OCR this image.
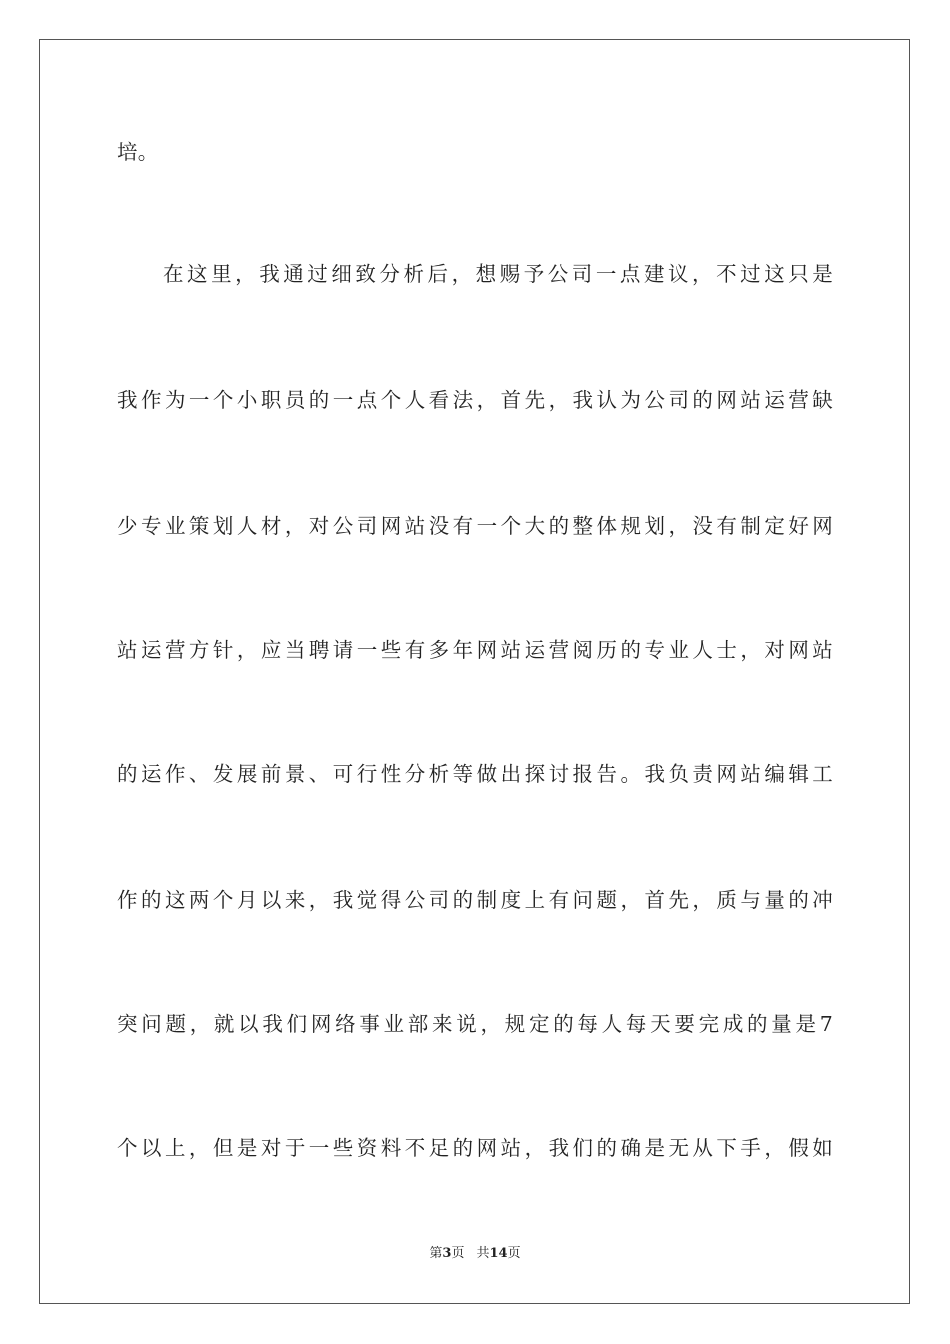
培。
在这里，我通过细致分析后，想赐予公司一点建议，不过这只是
我作为一个小职员的一点个人看法，首先，我认为公司的网站运营缺
少专业策划人材，对公司网站没有一个大的整体规划，没有制定好网
站运营方针，应当聘请一些有多年网站运营阅历的专业人士，对网站
的运作、发展前景、可行性分析等做出探讨报告。我负责网站编辑工
作的这两个月以来，我觉得公司的制度上有问题，首先，质与量的冲
突问题，就以我们网络事业部来说，规定的每人每天要完成的量是7
个以上，但是对于一些资料不足的网站，我们的确是无从下手，假如
第3页 共14页
